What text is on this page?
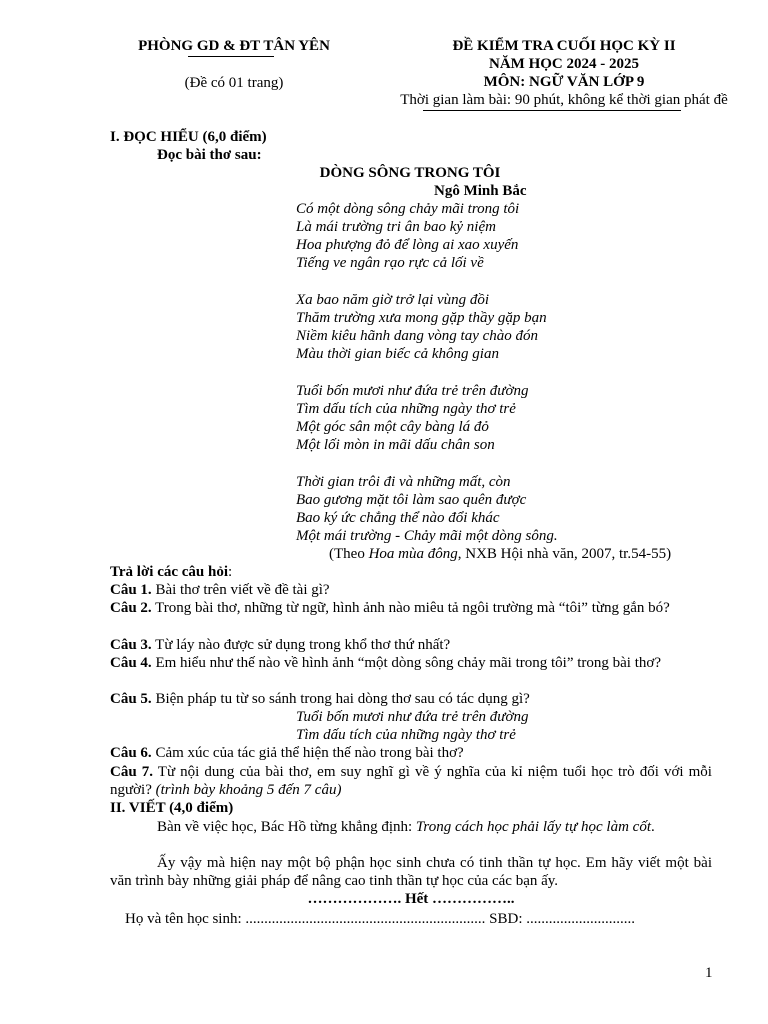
PHÒNG GD & ĐT TÂN YÊN
(Đề có 01 trang)
ĐỀ KIỂM TRA CUỐI HỌC KỲ II
NĂM HỌC 2024 - 2025
MÔN: NGỮ VĂN LỚP 9
Thời gian làm bài: 90 phút, không kể thời gian phát đề
I. ĐỌC HIỂU (6,0 điểm)
Đọc bài thơ sau:
DÒNG SÔNG TRONG TÔI
Ngô Minh Bắc
Có một dòng sông chảy mãi trong tôi
Là mái trường tri ân bao kỷ niệm
Hoa phượng đỏ để lòng ai xao xuyến
Tiếng ve ngân rạo rực cả lối về
Xa bao năm giờ trở lại vùng đồi
Thăm trường xưa mong gặp thầy gặp bạn
Niềm kiêu hãnh dang vòng tay chào đón
Màu thời gian biếc cả không gian
Tuổi bốn mươi như đứa trẻ trên đường
Tìm dấu tích của những ngày thơ trẻ
Một góc sân một cây bàng lá đỏ
Một lối mòn in mãi dấu chân son
Thời gian trôi đi và những mất, còn
Bao gương mặt tôi làm sao quên được
Bao ký ức chẳng thể nào đổi khác
Một mái trường - Chảy mãi một dòng sông.
(Theo Hoa mùa đông, NXB Hội nhà văn, 2007, tr.54-55)
Trả lời các câu hỏi:
Câu 1. Bài thơ trên viết về đề tài gì?
Câu 2. Trong bài thơ, những từ ngữ, hình ảnh nào miêu tả ngôi trường mà “tôi” từng gắn bó?
Câu 3. Từ láy nào được sử dụng trong khổ thơ thứ nhất?
Câu 4. Em hiểu như thế nào về hình ảnh “một dòng sông chảy mãi trong tôi” trong bài thơ?
Câu 5. Biện pháp tu từ so sánh trong hai dòng thơ sau có tác dụng gì?
Tuổi bốn mươi như đứa trẻ trên đường
Tìm dấu tích của những ngày thơ trẻ
Câu 6. Cảm xúc của tác giả thể hiện thế nào trong bài thơ?
Câu 7. Từ nội dung của bài thơ, em suy nghĩ gì về ý nghĩa của kỉ niệm tuổi học trò đối với mỗi người? (trình bày khoảng 5 đến 7 câu)
II. VIẾT (4,0 điểm)
Bàn về việc học, Bác Hồ từng khẳng định: Trong cách học phải lấy tự học làm cốt.
Ấy vậy mà hiện nay một bộ phận học sinh chưa có tinh thần tự học. Em hãy viết một bài văn trình bày những giải pháp để nâng cao tinh thần tự học của các bạn ấy.
………………. Hết ……………..
Họ và tên học sinh: ................................................................ SBD: .............................
1
